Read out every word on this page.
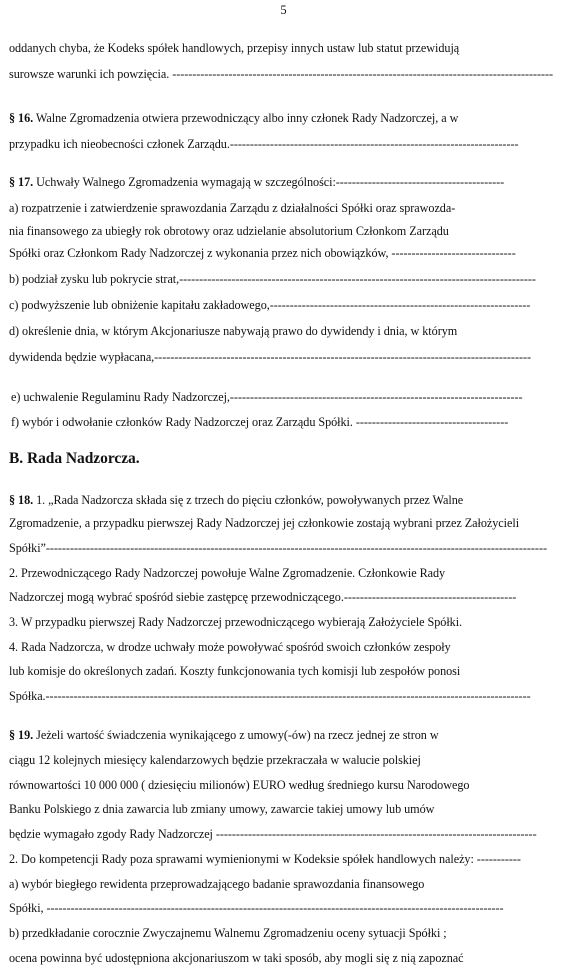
5
oddanych chyba, że Kodeks spółek handlowych, przepisy innych ustaw lub statut przewidują
surowsze warunki ich powzięcia. -----------------------------------------------------------------------------------------------
§ 16. Walne Zgromadzenia otwiera przewodniczący albo inny członek Rady Nadzorczej, a w
przypadku ich nieobecności członek Zarządu.------------------------------------------------------------------------
§ 17. Uchwały Walnego Zgromadzenia wymagają w szczególności:------------------------------------------
a) rozpatrzenie i zatwierdzenie sprawozdania Zarządu z działalności Spółki oraz sprawozda-
nia finansowego za ubiegły rok obrotowy oraz udzielanie absolutorium Członkom Zarządu
Spółki oraz Członkom Rady Nadzorczej z wykonania przez nich obowiązków, -------------------------------
b) podział zysku lub pokrycie strat,-----------------------------------------------------------------------------------------
c) podwyższenie lub obniżenie kapitału zakładowego,-----------------------------------------------------------------
d) określenie dnia, w którym Akcjonariusze nabywają prawo do dywidendy i dnia, w którym
dywidenda będzie wypłacana,----------------------------------------------------------------------------------------------
e) uchwalenie Regulaminu Rady Nadzorczej,-------------------------------------------------------------------------
f) wybór i odwołanie członków Rady Nadzorczej oraz Zarządu Spółki. --------------------------------------
B. Rada Nadzorcza.
§ 18. 1. „Rada Nadzorcza składa się z trzech do pięciu członków, powoływanych przez Walne
Zgromadzenie, a przypadku pierwszej Rady Nadzorczej jej członkowie zostają wybrani przez Założycieli
Spółki”-----------------------------------------------------------------------------------------------------------------------------
2. Przewodniczącego Rady Nadzorczej powołuje Walne Zgromadzenie. Członkowie Rady
Nadzorczej mogą wybrać spośród siebie zastępcę przewodniczącego.-------------------------------------------
3. W przypadku pierwszej Rady Nadzorczej przewodniczącego wybierają Założyciele Spółki.
4. Rada Nadzorcza, w drodze uchwały może powoływać spośród swoich członków zespoły
lub komisje do określonych zadań. Koszty funkcjonowania tych komisji lub zespołów ponosi
Spółka.-------------------------------------------------------------------------------------------------------------------------
§ 19. Jeżeli wartość świadczenia wynikającego z umowy(-ów) na rzecz jednej ze stron w
ciągu 12 kolejnych miesięcy kalendarzowych będzie przekraczała w walucie polskiej
równowartości 10 000 000 ( dziesięciu milionów) EURO według średniego kursu Narodowego
Banku Polskiego z dnia zawarcia lub zmiany umowy, zawarcie takiej umowy lub umów
będzie wymagało zgody Rady Nadzorczej --------------------------------------------------------------------------------
2. Do kompetencji Rady poza sprawami wymienionymi w Kodeksie spółek handlowych należy: -----------
a) wybór biegłego rewidenta przeprowadzającego badanie sprawozdania finansowego
Spółki, ------------------------------------------------------------------------------------------------------------------
b) przedkładanie corocznie Zwyczajnemu Walnemu Zgromadzeniu oceny sytuacji Spółki ;
ocena powinna być udostępniona akcjonariuszom w taki sposób, aby mogli się z nią zapoznać
